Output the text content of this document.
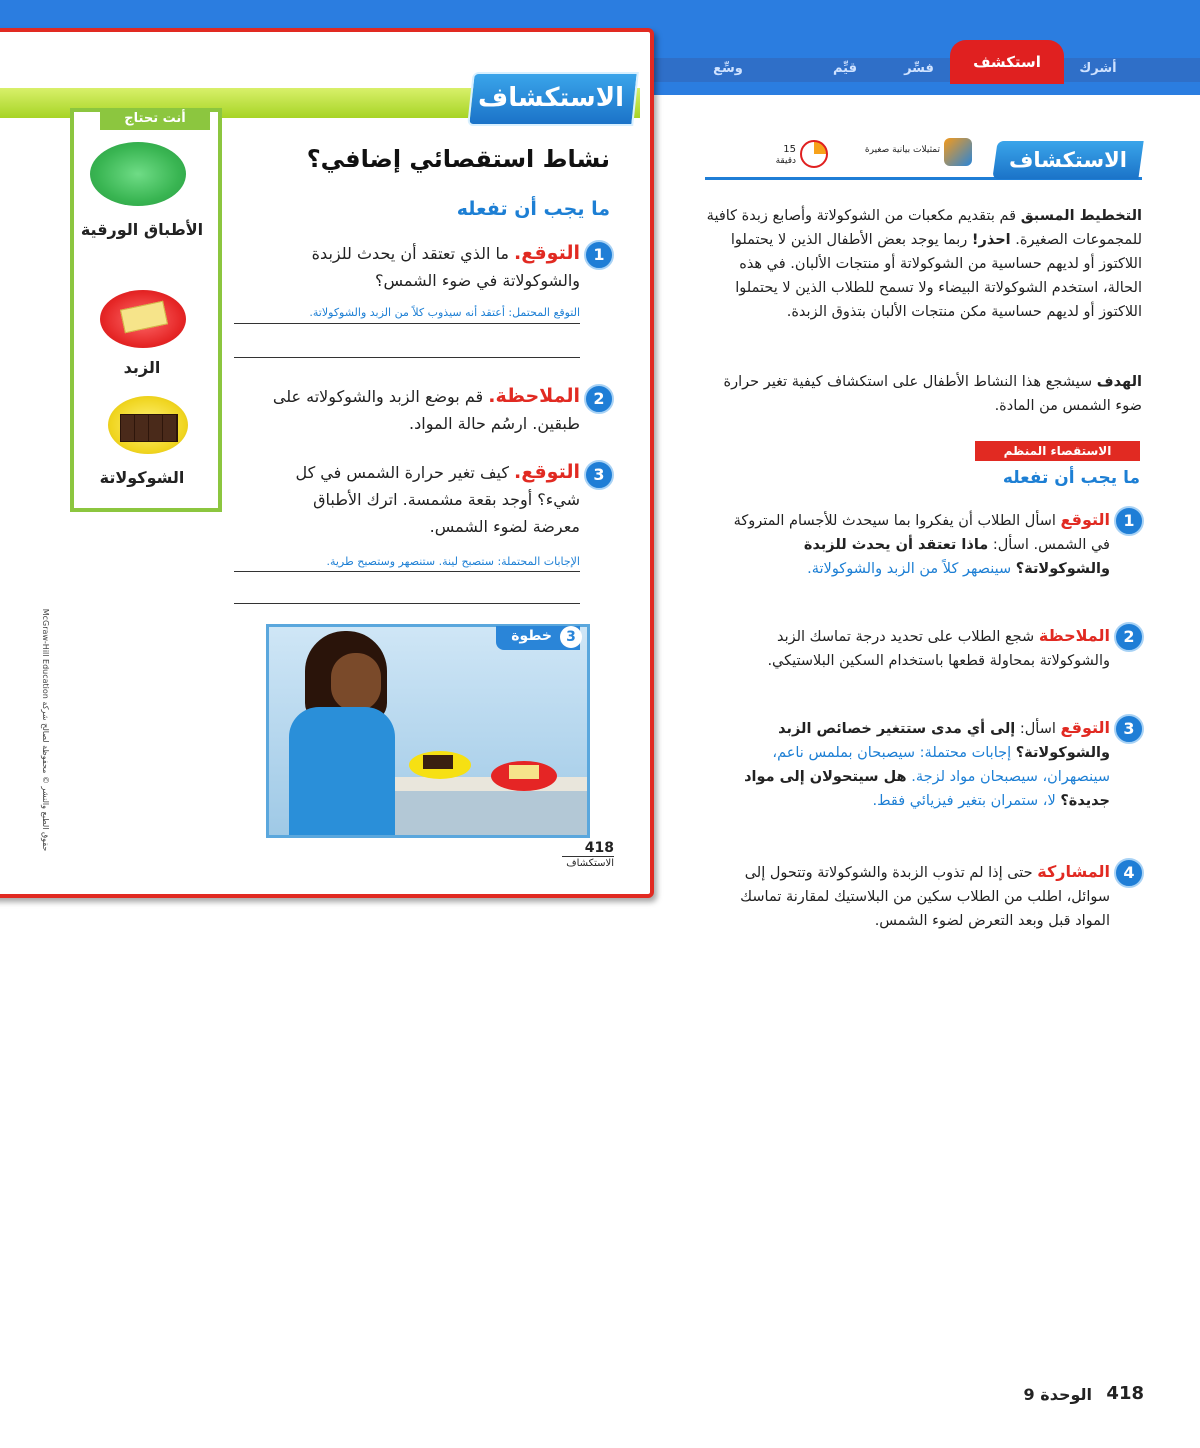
أشرك
استكشف
فسِّر
قيِّم
وسِّع
الاستكشاف
أنت تحتاج
الأطباق الورقية
الزبد
الشوكولاتة
نشاط استقصائي إضافي؟
ما يجب أن تفعله
1
التوقع. ما الذي تعتقد أن يحدث للزبدة والشوكولاتة في ضوء الشمس؟
التوقع المحتمل: أعتقد أنه سيذوب كلاً من الزبد والشوكولاتة.
2
الملاحظة. قم بوضع الزبد والشوكولاته على طبقين. ارسُم حالة المواد.
3
التوقع. كيف تغير حرارة الشمس في كل شيء؟ أوجد بقعة مشمسة. اترك الأطباق معرضة لضوء الشمس.
الإجابات المحتملة: ستصبح لينة. ستنصهر وستصبح طرية.
خطوة	3
418
الاستكشاف
حقوق الطبع والنشر © محفوظة لصالح شركة McGraw-Hill Education
الاستكشاف
تمثيلات بيانية صغيرة
15
دقيقة
التخطيط المسبق قم بتقديم مكعبات من الشوكولاتة وأصابع زبدة كافية للمجموعات الصغيرة. احذر! ربما يوجد بعض الأطفال الذين لا يحتملوا اللاكتوز أو لديهم حساسية من الشوكولاتة أو منتجات الألبان. في هذه الحالة، استخدم الشوكولاتة البيضاء ولا تسمح للطلاب الذين لا يحتملوا اللاكتوز أو لديهم حساسية مكن منتجات الألبان بتذوق الزبدة.
الهدف سيشجع هذا النشاط الأطفال على استكشاف كيفية تغير حرارة ضوء الشمس من المادة.
الاستقصاء المنظم
ما يجب أن تفعله
1
التوقع اسأل الطلاب أن يفكروا بما سيحدث للأجسام المتروكة في الشمس. اسأل: ماذا تعتقد أن يحدث للزبدة والشوكولاتة؟ سينصهر كلاً من الزبد والشوكولاتة.
2
الملاحظة شجع الطلاب على تحديد درجة تماسك الزبد والشوكولاتة بمحاولة قطعها باستخدام السكين البلاستيكي.
3
التوقع اسأل: إلى أي مدى ستتغير خصائص الزبد والشوكولاتة؟ إجابات محتملة: سيصبحان بملمس ناعم، سينصهران، سيصبحان مواد لزجة. هل سيتحولان إلى مواد جديدة؟ لا، ستمران بتغير فيزيائي فقط.
4
المشاركة حتى إذا لم تذوب الزبدة والشوكولاتة وتتحول إلى سوائل، اطلب من الطلاب سكين من البلاستيك لمقارنة تماسك المواد قبل وبعد التعرض لضوء الشمس.
418
الوحدة 9
